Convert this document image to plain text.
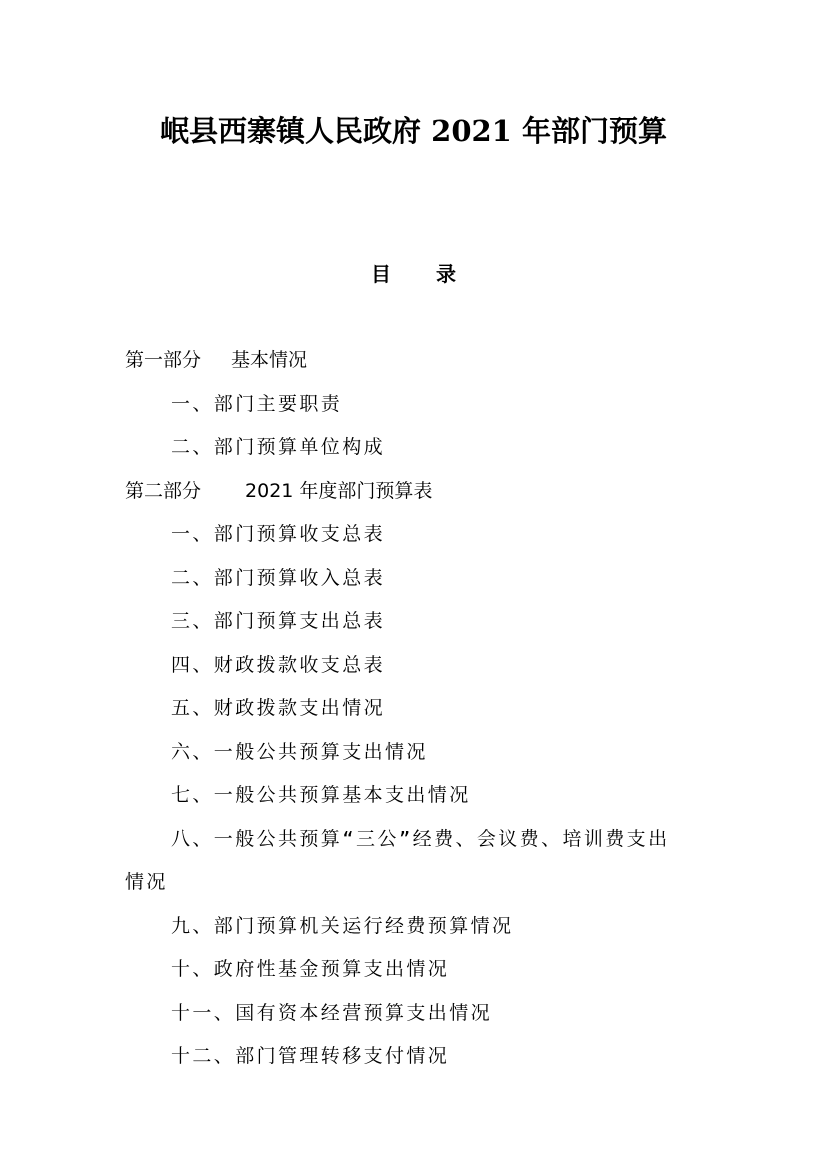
岷县西寨镇人民政府 2021 年部门预算
目 录
第一部分 基本情况
一、部门主要职责
二、部门预算单位构成
第二部分 2021 年度部门预算表
一、部门预算收支总表
二、部门预算收入总表
三、部门预算支出总表
四、财政拨款收支总表
五、财政拨款支出情况
六、一般公共预算支出情况
七、一般公共预算基本支出情况
八、一般公共预算“三公”经费、会议费、培训费支出
情况
九、部门预算机关运行经费预算情况
十、政府性基金预算支出情况
十一、国有资本经营预算支出情况
十二、部门管理转移支付情况
